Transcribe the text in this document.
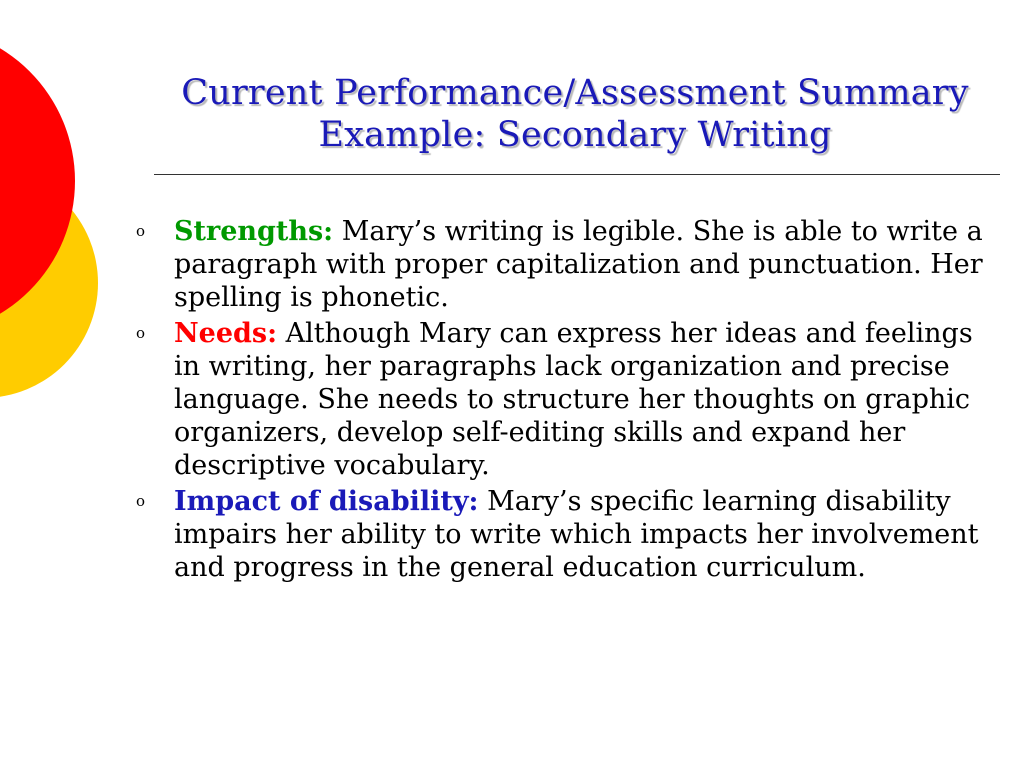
Current Performance/Assessment Summary
Example: Secondary Writing
o Strengths: Mary’s writing is legible. She is able to write a paragraph with proper capitalization and punctuation. Her spelling is phonetic.
o Needs: Although Mary can express her ideas and feelings in writing, her paragraphs lack organization and precise language. She needs to structure her thoughts on graphic organizers, develop self-editing skills and expand her descriptive vocabulary.
o Impact of disability: Mary’s specific learning disability impairs her ability to write which impacts her involvement and progress in the general education curriculum.
